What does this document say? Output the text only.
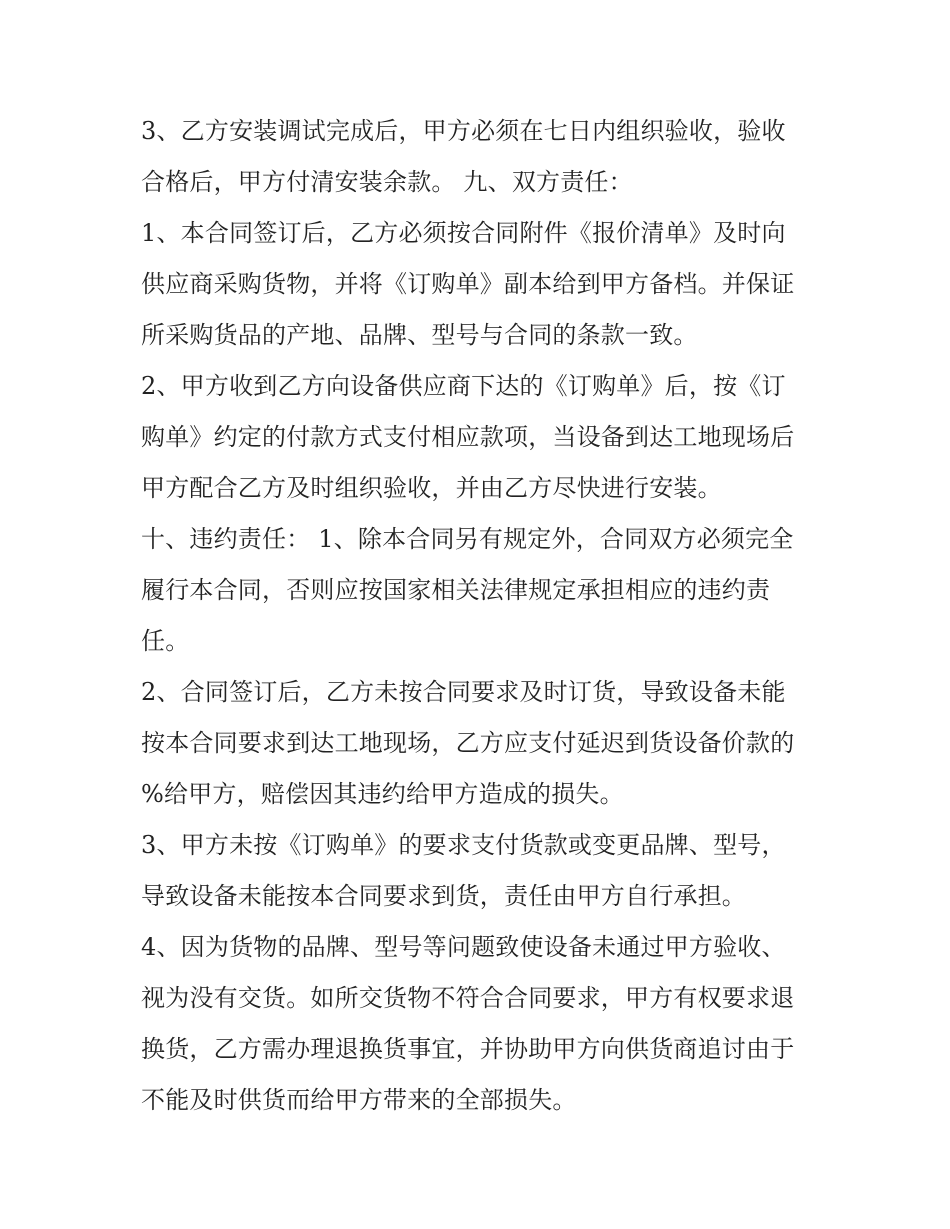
3、乙方安装调试完成后，甲方必须在七日内组织验收，验收
合格后，甲方付清安装余款。 九、双方责任：
1、本合同签订后，乙方必须按合同附件《报价清单》及时向
供应商采购货物，并将《订购单》副本给到甲方备档。并保证
所采购货品的产地、品牌、型号与合同的条款一致。
2、甲方收到乙方向设备供应商下达的《订购单》后，按《订
购单》约定的付款方式支付相应款项，当设备到达工地现场后
甲方配合乙方及时组织验收，并由乙方尽快进行安装。
十、违约责任： 1、除本合同另有规定外，合同双方必须完全
履行本合同，否则应按国家相关法律规定承担相应的违约责
任。
2、合同签订后，乙方未按合同要求及时订货，导致设备未能
按本合同要求到达工地现场，乙方应支付延迟到货设备价款的
%给甲方，赔偿因其违约给甲方造成的损失。
3、甲方未按《订购单》的要求支付货款或变更品牌、型号，
导致设备未能按本合同要求到货，责任由甲方自行承担。
4、因为货物的品牌、型号等问题致使设备未通过甲方验收、
视为没有交货。如所交货物不符合合同要求，甲方有权要求退
换货，乙方需办理退换货事宜，并协助甲方向供货商追讨由于
不能及时供货而给甲方带来的全部损失。
